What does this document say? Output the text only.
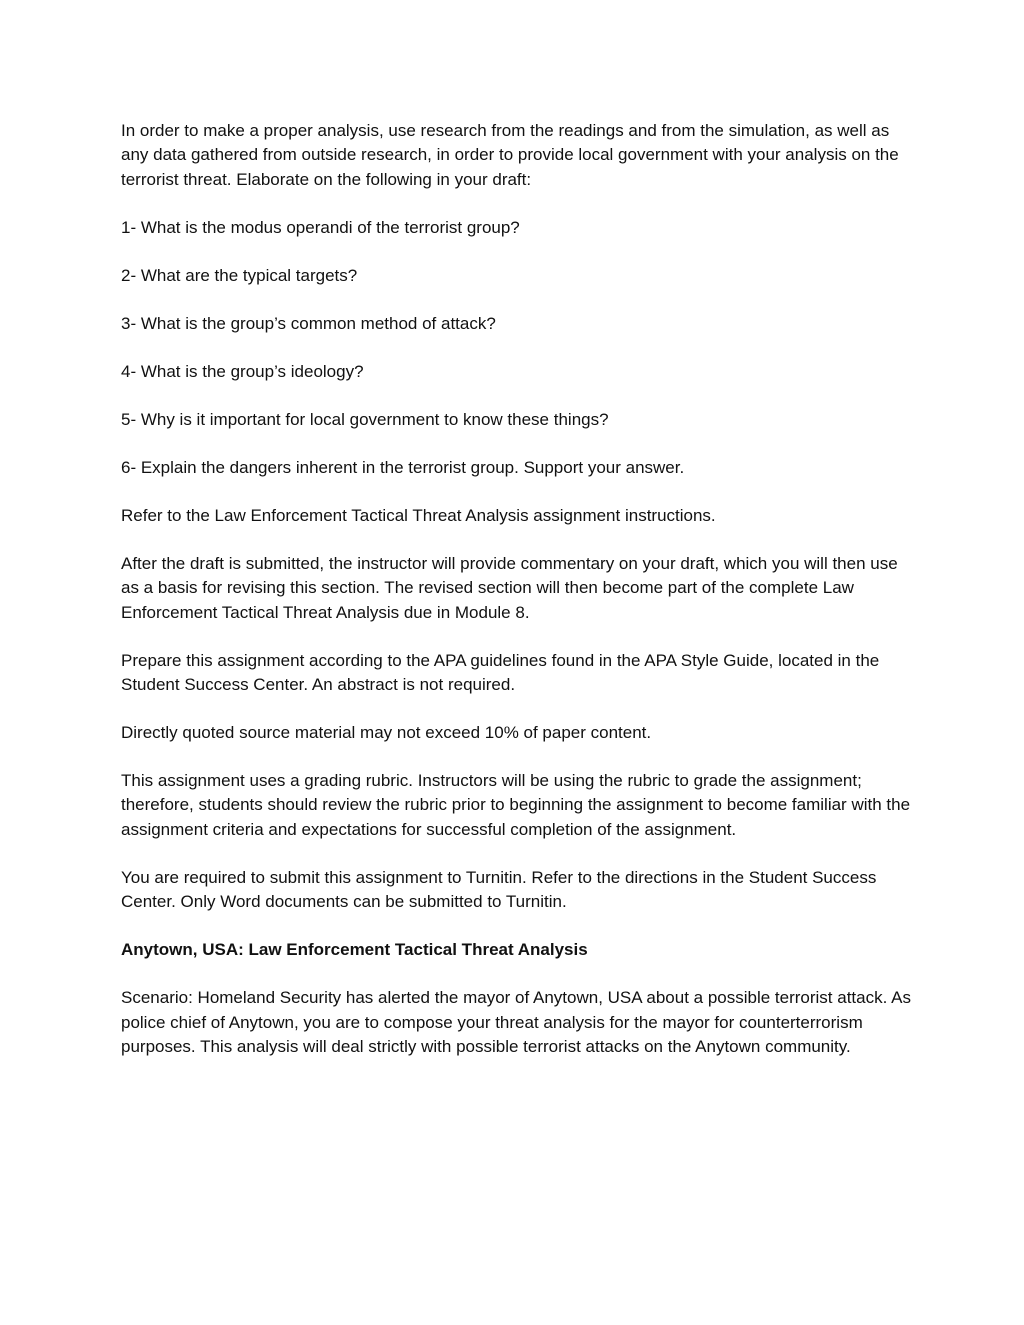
In order to make a proper analysis, use research from the readings and from the simulation, as well as any data gathered from outside research, in order to provide local government with your analysis on the terrorist threat. Elaborate on the following in your draft:

1- What is the modus operandi of the terrorist group?

2- What are the typical targets?

3- What is the group’s common method of attack?

4- What is the group’s ideology?

5- Why is it important for local government to know these things?

6- Explain the dangers inherent in the terrorist group. Support your answer.

Refer to the Law Enforcement Tactical Threat Analysis assignment instructions.

After the draft is submitted, the instructor will provide commentary on your draft, which you will then use as a basis for revising this section. The revised section will then become part of the complete Law Enforcement Tactical Threat Analysis due in Module 8.

Prepare this assignment according to the APA guidelines found in the APA Style Guide, located in the Student Success Center. An abstract is not required.

Directly quoted source material may not exceed 10% of paper content.

This assignment uses a grading rubric. Instructors will be using the rubric to grade the assignment; therefore, students should review the rubric prior to beginning the assignment to become familiar with the assignment criteria and expectations for successful completion of the assignment.

You are required to submit this assignment to Turnitin. Refer to the directions in the Student Success Center. Only Word documents can be submitted to Turnitin.

Anytown, USA: Law Enforcement Tactical Threat Analysis

Scenario: Homeland Security has alerted the mayor of Anytown, USA about a possible terrorist attack. As police chief of Anytown, you are to compose your threat analysis for the mayor for counterterrorism purposes. This analysis will deal strictly with possible terrorist attacks on the Anytown community.
